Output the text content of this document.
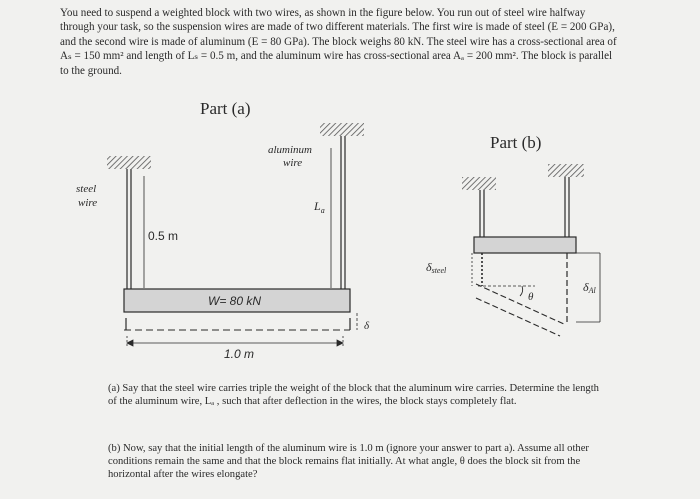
You need to suspend a weighted block with two wires, as shown in the figure below. You run out of steel wire halfway through your task, so the suspension wires are made of two different materials. The first wire is made of steel (E = 200 GPa), and the second wire is made of aluminum (E = 80 GPa). The block weighs 80 kN. The steel wire has a cross-sectional area of Aₛ = 150 mm² and length of Lₛ = 0.5 m, and the aluminum wire has cross-sectional area Aₐ = 200 mm². The block is parallel to the ground.

Part (a)
0.5 m
$L_a$
steel
wire
aluminum
wire
W= 80 kN
δ
1.0 m
Part (b)
θ
δsteel
δAl

(a) Say that the steel wire carries triple the weight of the block that the aluminum wire carries. Determine the length of the aluminum wire, Lₐ , such that after deflection in the wires, the block stays completely flat.

(b) Now, say that the initial length of the aluminum wire is 1.0 m (ignore your answer to part a). Assume all other conditions remain the same and that the block remains flat initially. At what angle, θ does the block sit from the horizontal after the wires elongate?
